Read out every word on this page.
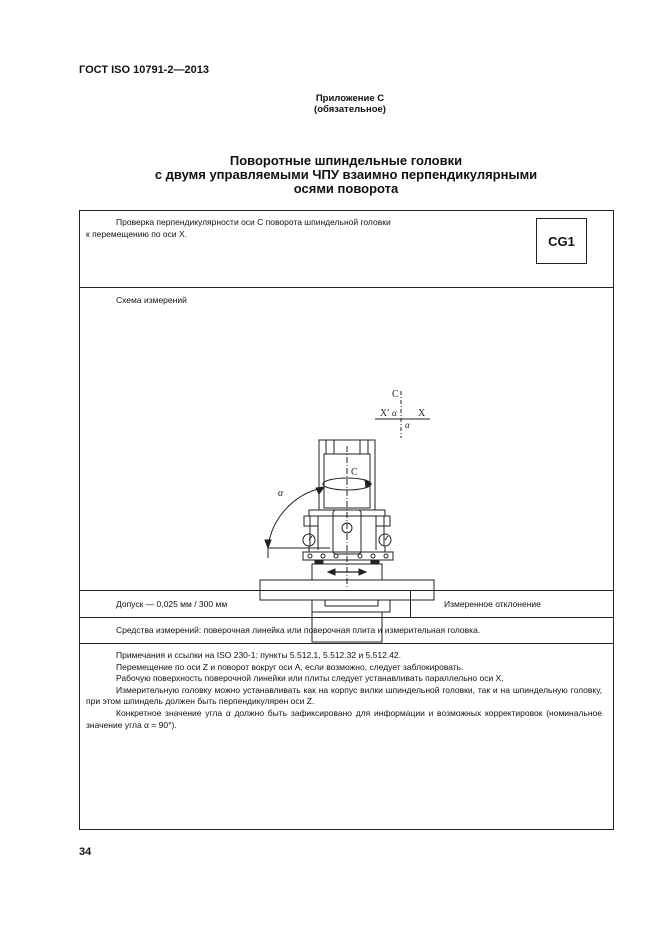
ГОСТ ISO 10791-2—2013
Приложение С
(обязательное)
Поворотные шпиндельные головки
с двумя управляемыми ЧПУ взаимно перпендикулярными
осями поворота
Проверка перпендикулярности оси С поворота шпиндельной головки
к перемещению по оси X.	CG1
Схема измерений
C
X′	X
α
α
C
α
Допуск — 0,025 мм / 300 мм	Измеренное отклонение
Средства измерений: поверочная линейка или поверочная плита и измерительная головка.

Примечания и ссылки на ISO 230-1: пункты 5.512.1, 5.512.32 и 5.512.42.

Перемещение по оси Z и поворот вокруг оси A, если возможно, следует заблокировать.

Рабочую поверхность поверочной линейки или плиты следует устанавливать параллельно оси X.

Измерительную головку можно устанавливать как на корпус вилки шпиндельной головки, так и на шпиндельную головку, при этом шпиндель должен быть перпендикулярен оси Z.

Конкретное значение угла α должно быть зафиксировано для информации и возможных корректировок (номинальное значение угла α = 90°).

34
